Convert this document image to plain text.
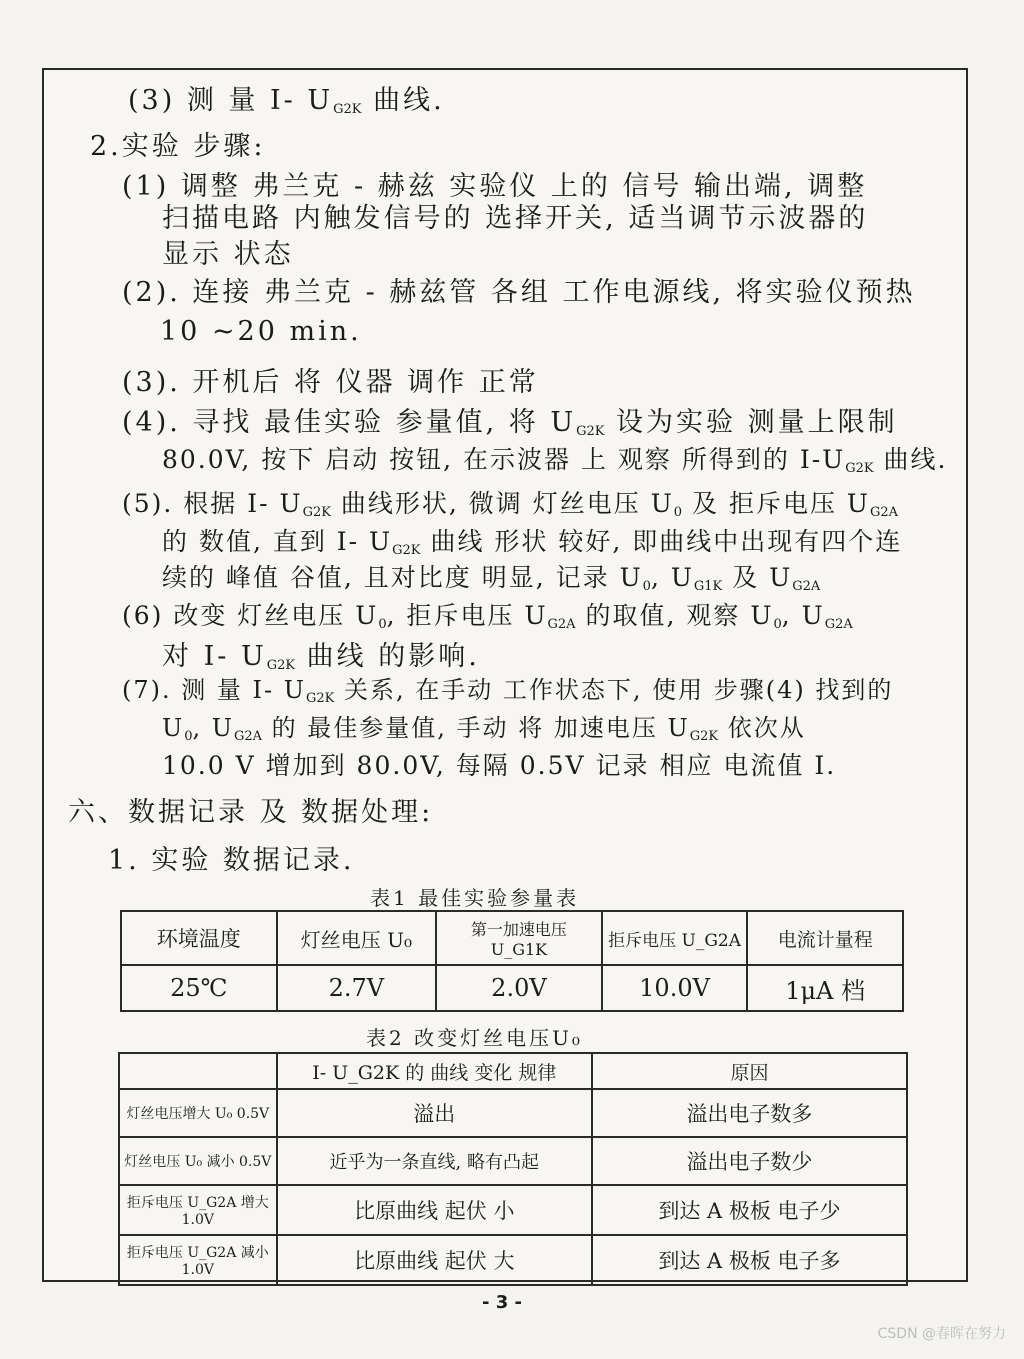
(3) 测 量 I- $U_{G2K}$ 曲线.
2.实验 步骤:
(1) 调整 弗兰克 - 赫兹 实验仪 上的 信号 输出端, 调整
扫描电路 内触发信号的 选择开关, 适当调节示波器的
显示 状态
(2). 连接 弗兰克 - 赫兹管 各组 工作电源线, 将实验仪预热
10 ~20 min.
(3). 开机后 将 仪器 调作 正常
(4). 寻找 最佳实验 参量值, 将 $U_{G2K}$ 设为实验 测量上限制
80.0V, 按下 启动 按钮, 在示波器 上 观察 所得到的 $I-U_{G2K}$ 曲线.
(5). 根据 I- $U_{G2K}$ 曲线形状, 微调 灯丝电压 $U_0$ 及 拒斥电压 $U_{G2A}$
的 数值, 直到 I- $U_{G2K}$ 曲线 形状 较好, 即曲线中出现有四个连
续的 峰值 谷值, 且对比度 明显, 记录 $U_0$, $U_{G1K}$ 及 $U_{G2A}$
(6) 改变 灯丝电压 $U_0$, 拒斥电压 $U_{G2A}$ 的取值, 观察 $U_0$, $U_{G2A}$
对 I- $U_{G2K}$ 曲线 的影响.
(7). 测 量 I- $U_{G2K}$ 关系, 在手动 工作状态下, 使用 步骤(4) 找到的
$U_0$, $U_{G2A}$ 的 最佳参量值, 手动 将 加速电压 $U_{G2K}$ 依次从
10.0 V 增加到 80.0V, 每隔 0.5V 记录 相应 电流值 I.
六、数据记录 及 数据处理:
1. 实验 数据记录.
表1 最佳实验参量表
环境温度	灯丝电压 U₀	第一加速电压 U_G1K	拒斥电压 U_G2A	电流计量程
25℃	2.7V	2.0V	10.0V	1μA 档
表2 改变灯丝电压U₀
	I- U_G2K 的 曲线 变化 规律	原因
灯丝电压增大 U₀ 0.5V	溢出	溢出电子数多
灯丝电压 U₀ 减小 0.5V	近乎为一条直线, 略有凸起	溢出电子数少
拒斥电压 U_G2A 增大 1.0V	比原曲线 起伏 小	到达 A 极板 电子少
拒斥电压 U_G2A 减小 1.0V	比原曲线 起伏 大	到达 A 极板 电子多
- 3 -
CSDN @春晖在努力
